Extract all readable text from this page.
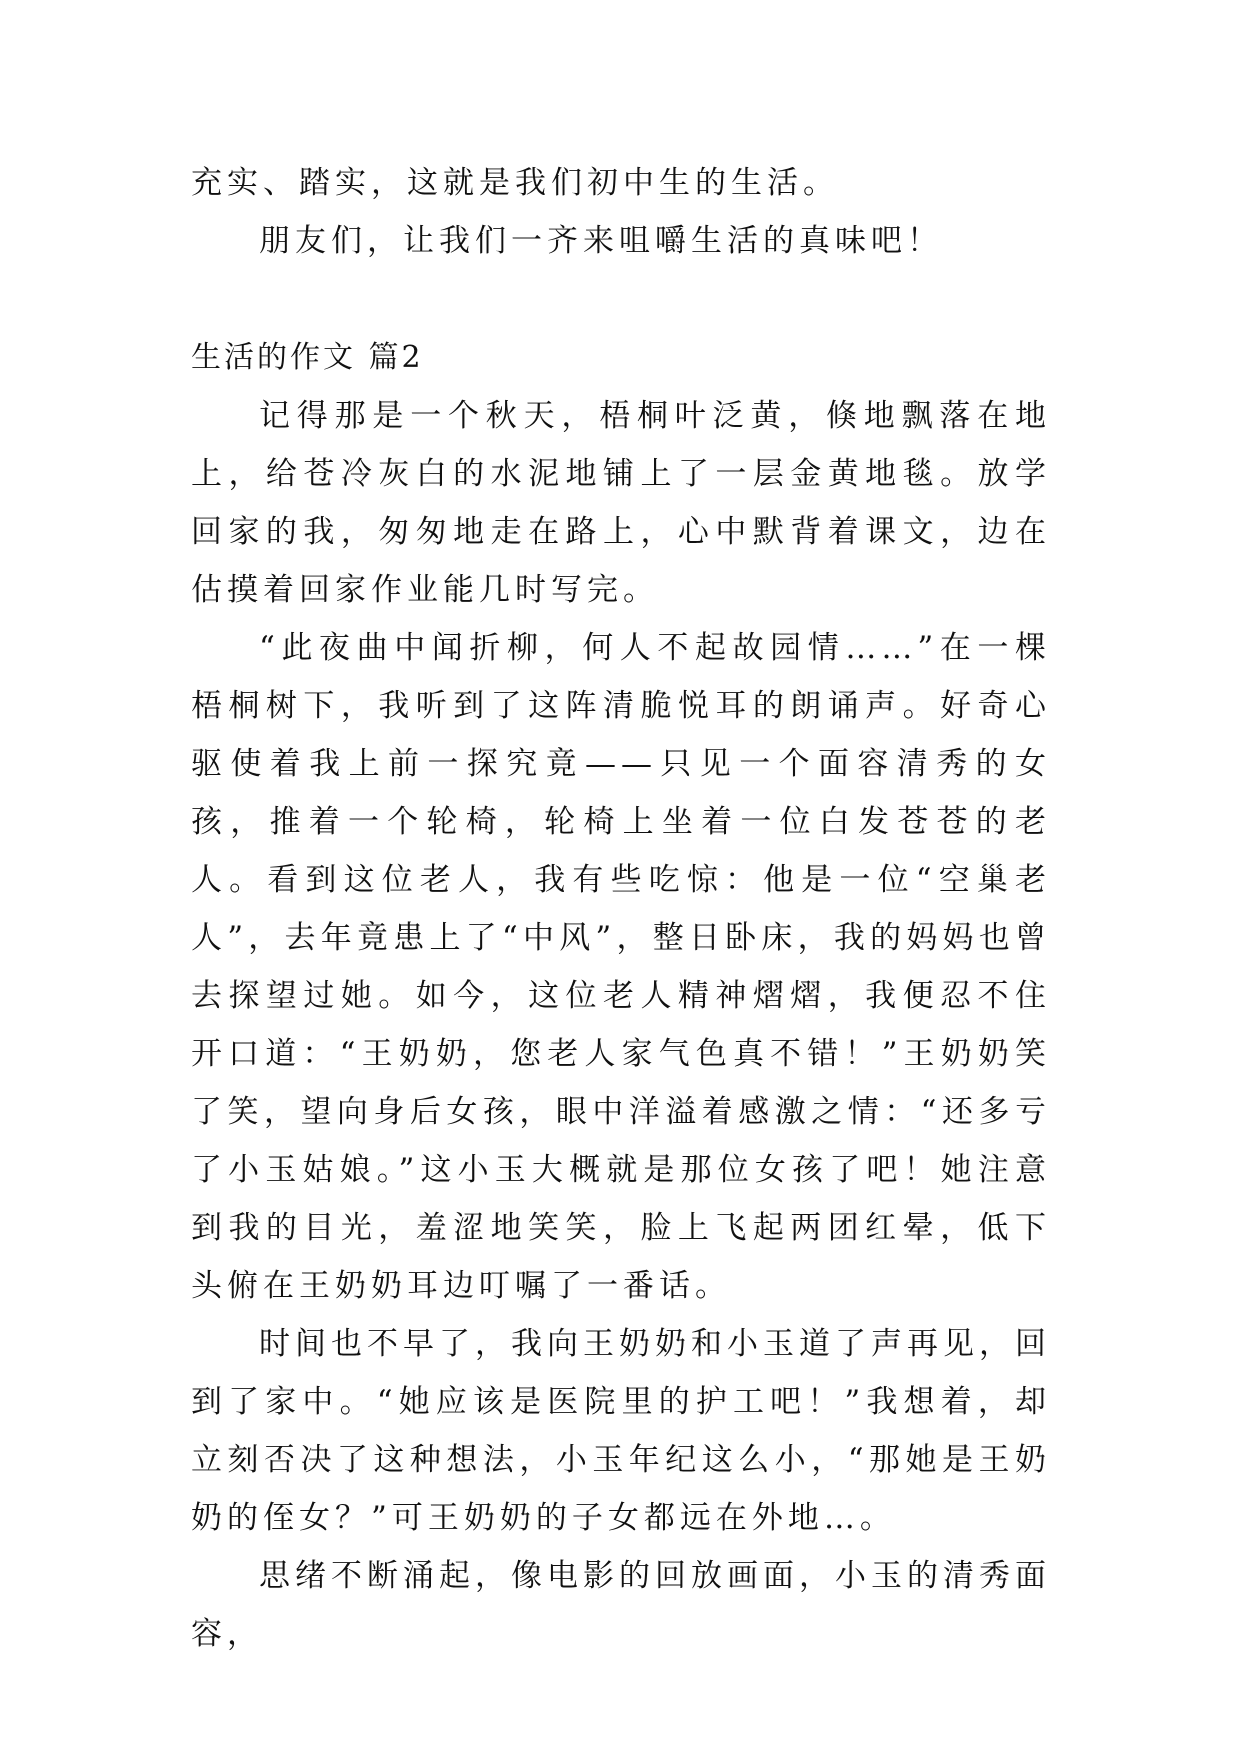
充实、踏实，这就是我们初中生的生活。

朋友们，让我们一齐来咀嚼生活的真味吧！

生活的作文 篇2

记得那是一个秋天，梧桐叶泛黄，倏地飘落在地上，给苍冷灰白的水泥地铺上了一层金黄地毯。放学回家的我，匆匆地走在路上，心中默背着课文，边在估摸着回家作业能几时写完。

“此夜曲中闻折柳，何人不起故园情……”在一棵梧桐树下，我听到了这阵清脆悦耳的朗诵声。好奇心驱使着我上前一探究竟——只见一个面容清秀的女孩，推着一个轮椅，轮椅上坐着一位白发苍苍的老人。看到这位老人，我有些吃惊：他是一位“空巢老人”，去年竟患上了“中风”，整日卧床，我的妈妈也曾去探望过她。如今，这位老人精神熠熠，我便忍不住开口道：“王奶奶，您老人家气色真不错！”王奶奶笑了笑，望向身后女孩，眼中洋溢着感激之情：“还多亏了小玉姑娘。”这小玉大概就是那位女孩了吧！她注意到我的目光，羞涩地笑笑，脸上飞起两团红晕，低下头俯在王奶奶耳边叮嘱了一番话。

时间也不早了，我向王奶奶和小玉道了声再见，回到了家中。“她应该是医院里的护工吧！”我想着，却立刻否决了这种想法，小玉年纪这么小，“那她是王奶奶的侄女？”可王奶奶的子女都远在外地…。

思绪不断涌起，像电影的回放画面，小玉的清秀面容，
